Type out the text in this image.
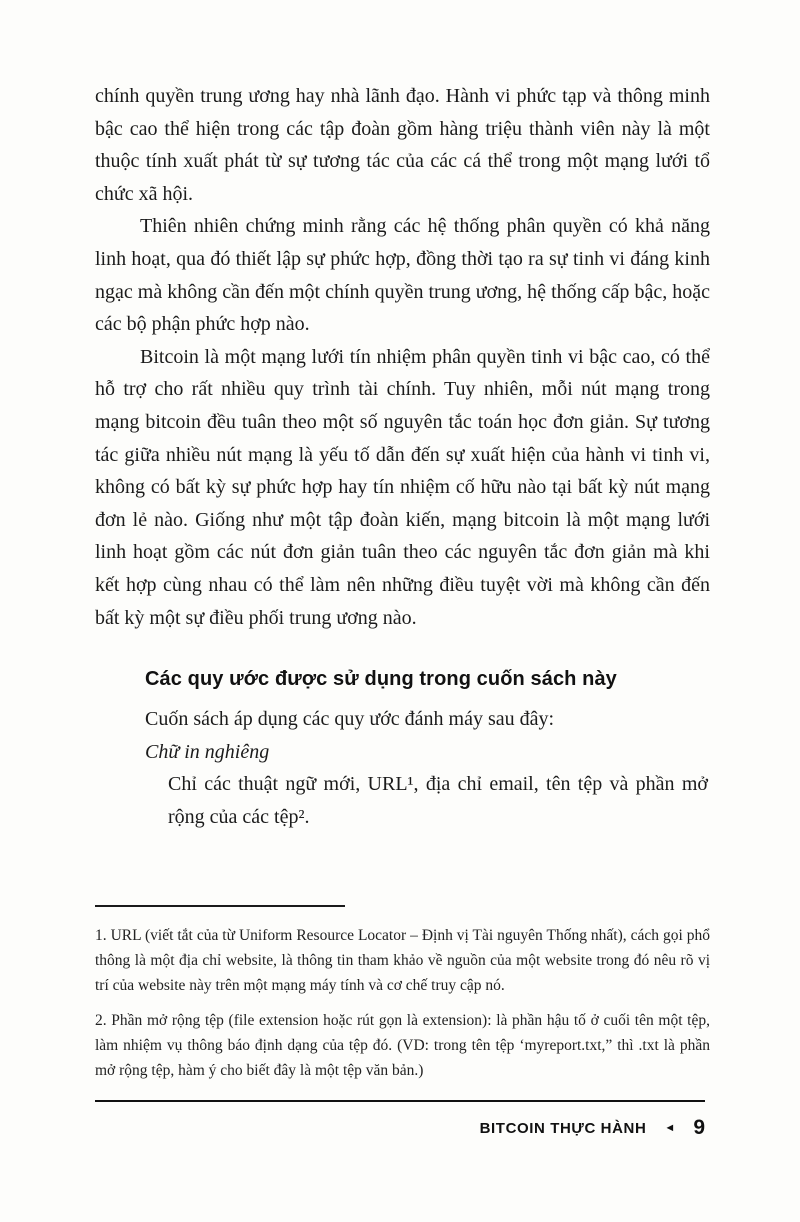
chính quyền trung ương hay nhà lãnh đạo. Hành vi phức tạp và thông minh bậc cao thể hiện trong các tập đoàn gồm hàng triệu thành viên này là một thuộc tính xuất phát từ sự tương tác của các cá thể trong một mạng lưới tổ chức xã hội.

Thiên nhiên chứng minh rằng các hệ thống phân quyền có khả năng linh hoạt, qua đó thiết lập sự phức hợp, đồng thời tạo ra sự tinh vi đáng kinh ngạc mà không cần đến một chính quyền trung ương, hệ thống cấp bậc, hoặc các bộ phận phức hợp nào.

Bitcoin là một mạng lưới tín nhiệm phân quyền tinh vi bậc cao, có thể hỗ trợ cho rất nhiều quy trình tài chính. Tuy nhiên, mỗi nút mạng trong mạng bitcoin đều tuân theo một số nguyên tắc toán học đơn giản. Sự tương tác giữa nhiều nút mạng là yếu tố dẫn đến sự xuất hiện của hành vi tinh vi, không có bất kỳ sự phức hợp hay tín nhiệm cố hữu nào tại bất kỳ nút mạng đơn lẻ nào. Giống như một tập đoàn kiến, mạng bitcoin là một mạng lưới linh hoạt gồm các nút đơn giản tuân theo các nguyên tắc đơn giản mà khi kết hợp cùng nhau có thể làm nên những điều tuyệt vời mà không cần đến bất kỳ một sự điều phối trung ương nào.

Các quy ước được sử dụng trong cuốn sách này

Cuốn sách áp dụng các quy ước đánh máy sau đây:

Chữ in nghiêng

Chỉ các thuật ngữ mới, URL¹, địa chỉ email, tên tệp và phần mở rộng của các tệp².

1. URL (viết tắt của từ Uniform Resource Locator – Định vị Tài nguyên Thống nhất), cách gọi phổ thông là một địa chỉ website, là thông tin tham khảo về nguồn của một website trong đó nêu rõ vị trí của website này trên một mạng máy tính và cơ chế truy cập nó.

2. Phần mở rộng tệp (file extension hoặc rút gọn là extension): là phần hậu tố ở cuối tên một tệp, làm nhiệm vụ thông báo định dạng của tệp đó. (VD: trong tên tệp ‘myreport.txt,” thì .txt là phần mở rộng tệp, hàm ý cho biết đây là một tệp văn bản.)

BITCOIN THỰC HÀNH ◄ 9
